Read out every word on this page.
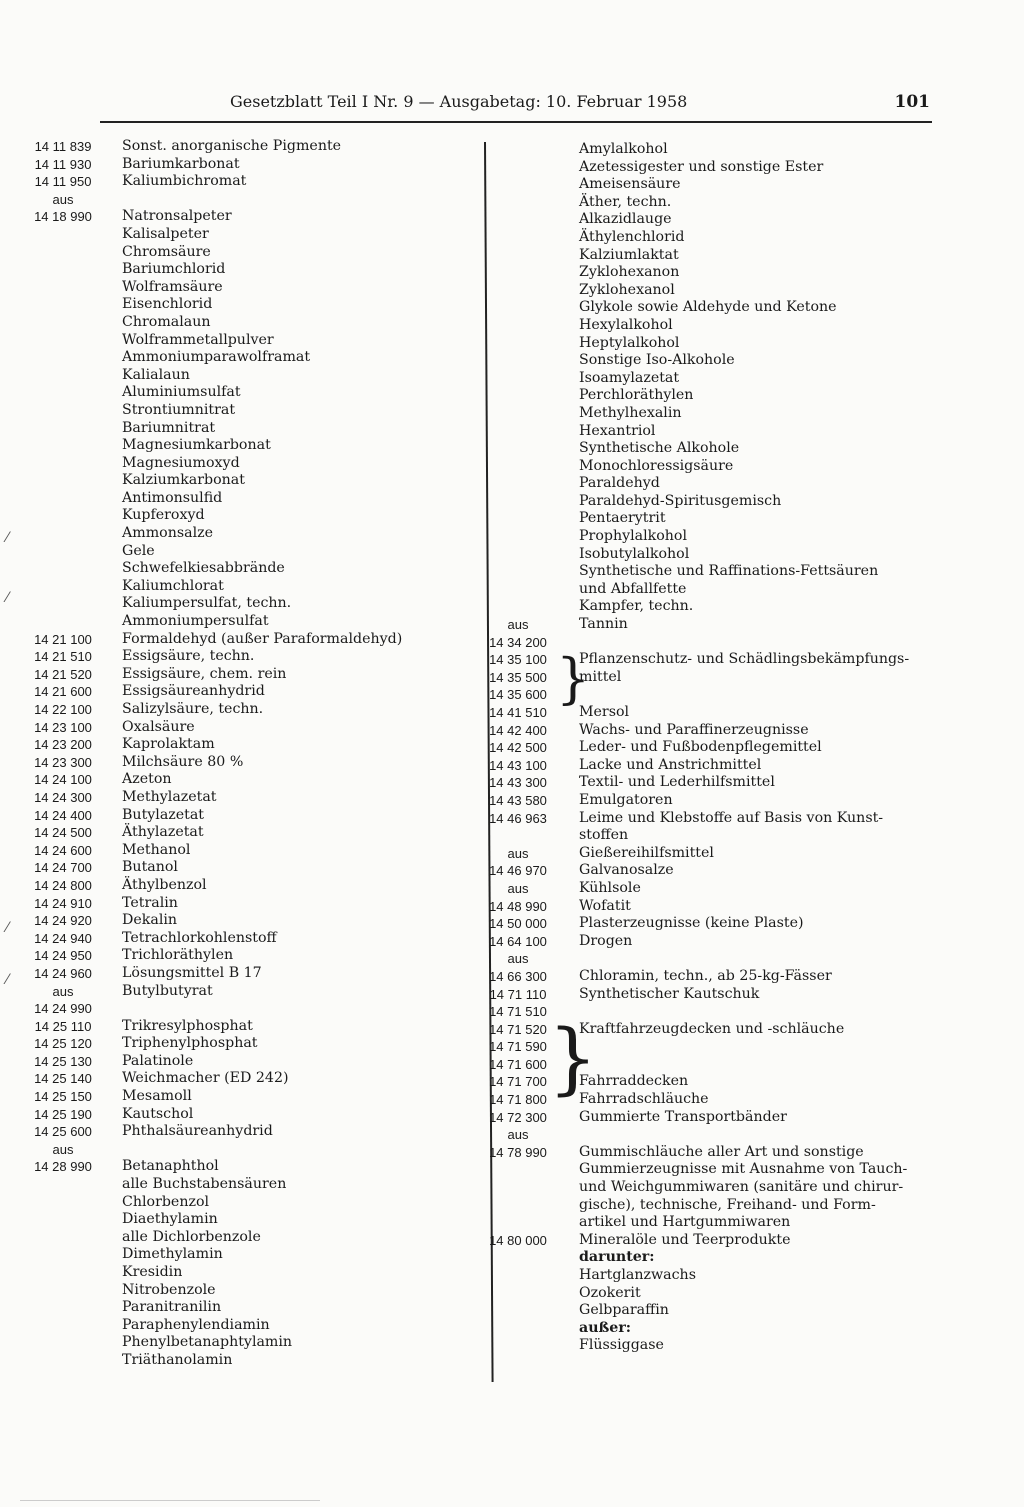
Gesetzblatt Teil I Nr. 9 — Ausgabetag: 10. Februar 1958	101
14 11 839	Sonst. anorganische Pigmente
14 11 930	Bariumkarbonat
14 11 950	Kaliumbichromat
aus
14 18 990	Natronsalpeter
Kalisalpeter
Chromsäure
Bariumchlorid
Wolframsäure
Eisenchlorid
Chromalaun
Wolframmetallpulver
Ammoniumparawolframat
Kalialaun
Aluminiumsulfat
Strontiumnitrat
Bariumnitrat
Magnesiumkarbonat
Magnesiumoxyd
Kalziumkarbonat
Antimonsulfid
Kupferoxyd
Ammonsalze
Gele
Schwefelkiesabbrände
Kaliumchlorat
Kaliumpersulfat, techn.
Ammoniumpersulfat
14 21 100	Formaldehyd (außer Paraformaldehyd)
14 21 510	Essigsäure, techn.
14 21 520	Essigsäure, chem. rein
14 21 600	Essigsäureanhydrid
14 22 100	Salizylsäure, techn.
14 23 100	Oxalsäure
14 23 200	Kaprolaktam
14 23 300	Milchsäure 80 %
14 24 100	Azeton
14 24 300	Methylazetat
14 24 400	Butylazetat
14 24 500	Äthylazetat
14 24 600	Methanol
14 24 700	Butanol
14 24 800	Äthylbenzol
14 24 910	Tetralin
14 24 920	Dekalin
14 24 940	Tetrachlorkohlenstoff
14 24 950	Trichloräthylen
14 24 960	Lösungsmittel B 17
aus	Butylbutyrat
14 24 990
14 25 110	Trikresylphosphat
14 25 120	Triphenylphosphat
14 25 130	Palatinole
14 25 140	Weichmacher (ED 242)
14 25 150	Mesamoll
14 25 190	Kautschol
14 25 600	Phthalsäureanhydrid
aus
14 28 990	Betanaphthol
alle Buchstabensäuren
Chlorbenzol
Diaethylamin
alle Dichlorbenzole
Dimethylamin
Kresidin
Nitrobenzole
Paranitranilin
Paraphenylendiamin
Phenylbetanaphtylamin
Triäthanolamin
Amylalkohol
Azetessigester und sonstige Ester
Ameisensäure
Äther, techn.
Alkazidlauge
Äthylenchlorid
Kalziumlaktat
Zyklohexanon
Zyklohexanol
Glykole sowie Aldehyde und Ketone
Hexylalkohol
Heptylalkohol
Sonstige Iso-Alkohole
Isoamylazetat
Perchloräthylen
Methylhexalin
Hexantriol
Synthetische Alkohole
Monochloressigsäure
Paraldehyd
Paraldehyd-Spiritusgemisch
Pentaerytrit
Prophylalkohol
Isobutylalkohol
Synthetische und Raffinations-Fettsäuren
und Abfallfette
Kampfer, techn.
aus	Tannin
14 34 200
14 35 100	Pflanzenschutz- und Schädlingsbekämpfungs-
14 35 500	mittel
14 35 600
14 41 510	Mersol
14 42 400	Wachs- und Paraffinerzeugnisse
14 42 500	Leder- und Fußbodenpflegemittel
14 43 100	Lacke und Anstrichmittel
14 43 300	Textil- und Lederhilfsmittel
14 43 580	Emulgatoren
14 46 963	Leime und Klebstoffe auf Basis von Kunst-
stoffen
aus	Gießereihilfsmittel
14 46 970	Galvanosalze
aus	Kühlsole
14 48 990	Wofatit
14 50 000	Plasterzeugnisse (keine Plaste)
14 64 100	Drogen
aus
14 66 300	Chloramin, techn., ab 25-kg-Fässer
14 71 110	Synthetischer Kautschuk
14 71 510
14 71 520	Kraftfahrzeugdecken und -schläuche
14 71 590
14 71 600
14 71 700	Fahrraddecken
14 71 800	Fahrradschläuche
14 72 300	Gummierte Transportbänder
aus
14 78 990	Gummischläuche aller Art und sonstige
Gummierzeugnisse mit Ausnahme von Tauch-
und Weichgummiwaren (sanitäre und chirur-
gische), technische, Freihand- und Form-
artikel und Hartgummiwaren
14 80 000	Mineralöle und Teerprodukte
darunter:
Hartglanzwachs
Ozokerit
Gelbparaffin
außer:
Flüssiggase
}
}
⁄
⁄
⁄
⁄
